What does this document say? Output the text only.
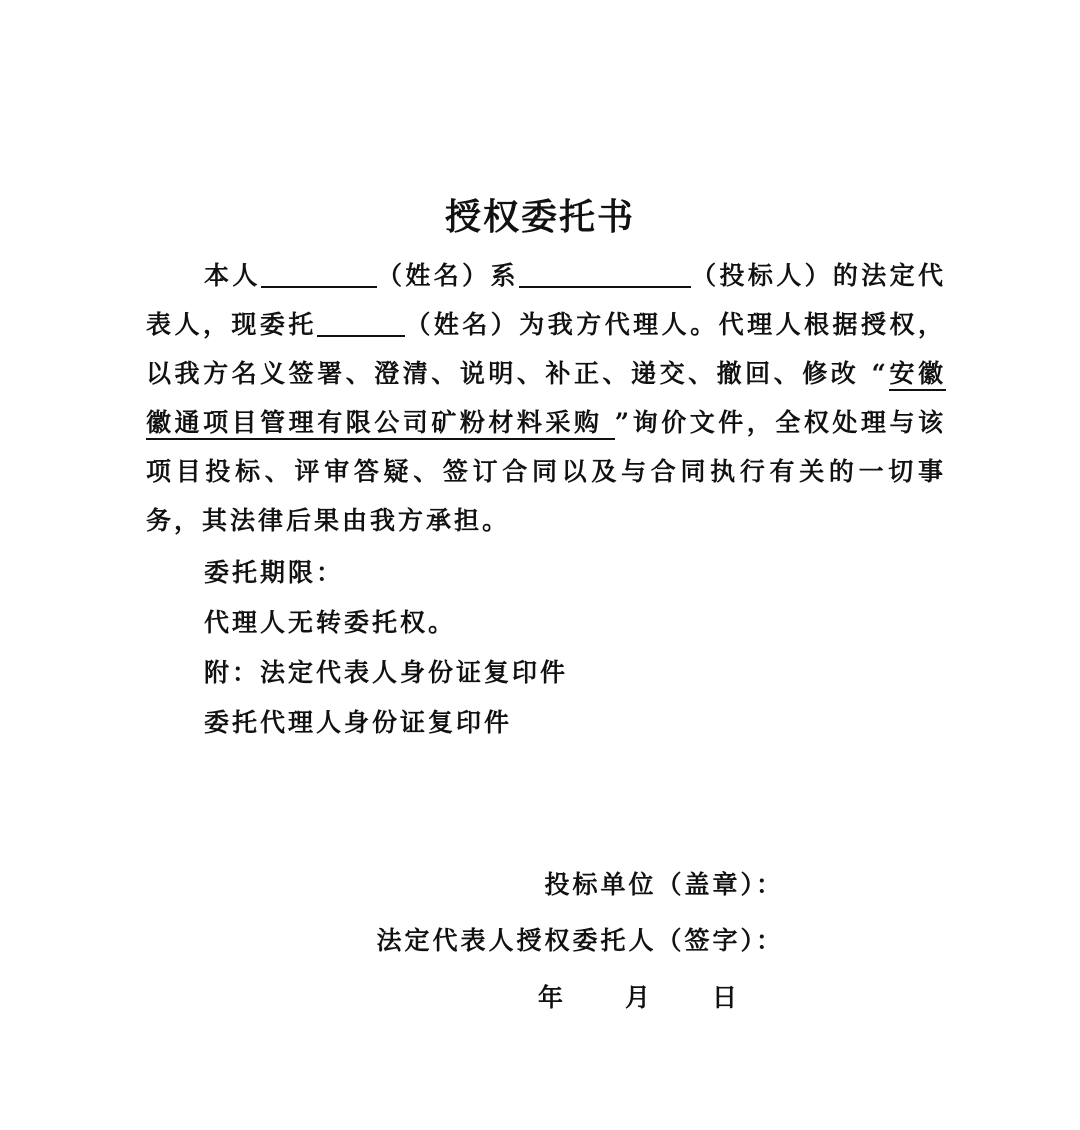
授权委托书
本人	（姓名）系	（投标人）的法定代表人，现委托	（姓名）为我方代理人。代理人根据授权，以我方名义签署、澄清、说明、补正、递交、撤回、修改 “安徽徽通项目管理有限公司矿粉材料采购 ”询价文件，全权处理与该项目投标、评审答疑、签订合同以及与合同执行有关的一切事务，其法律后果由我方承担。
委托期限：
代理人无转委托权。
附：法定代表人身份证复印件
委托代理人身份证复印件
投标单位（盖章）：
法定代表人授权委托人（签字）：
年 月 日
